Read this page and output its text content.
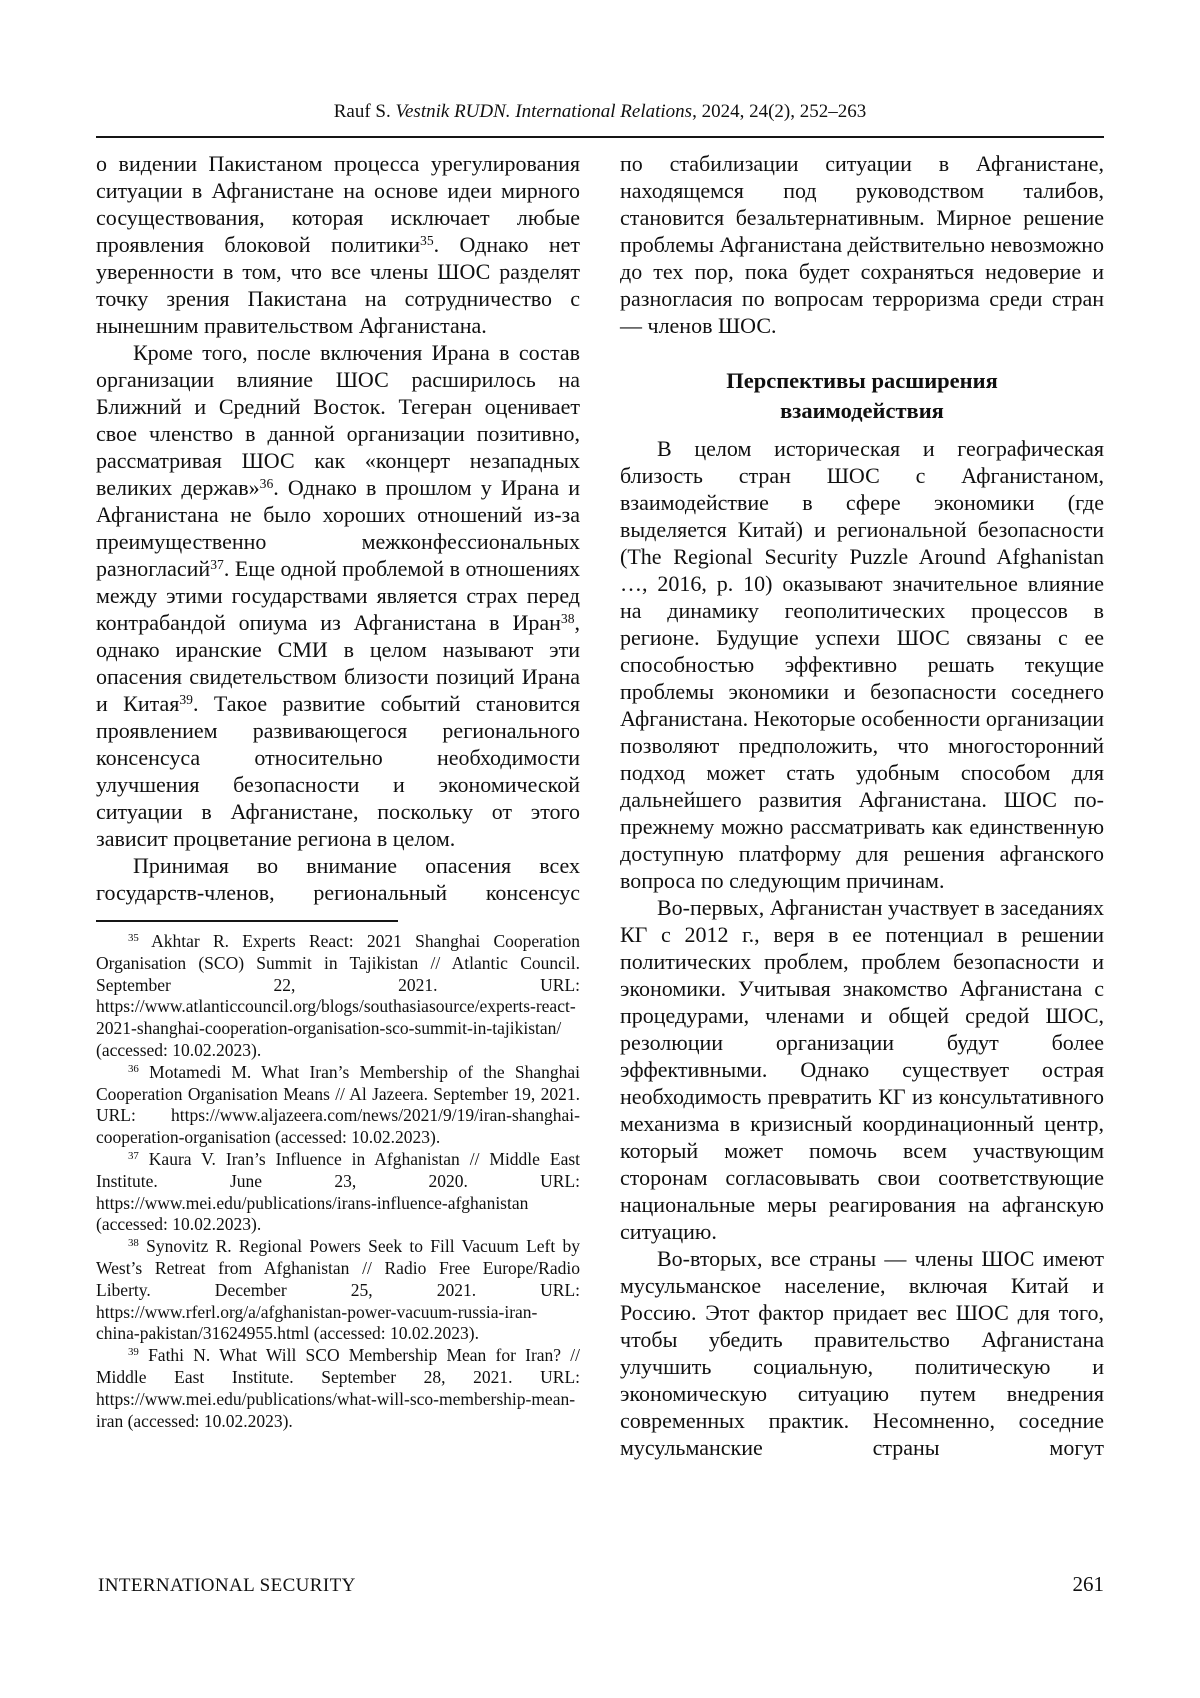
Rauf S. Vestnik RUDN. International Relations, 2024, 24(2), 252–263

о видении Пакистаном процесса урегулирования ситуации в Афганистане на основе идеи мирного сосуществования, которая исключает любые проявления блоковой политики$^{35}$. Однако нет уверенности в том, что все члены ШОС разделят точку зрения Пакистана на сотрудничество с нынешним правительством Афганистана.

Кроме того, после включения Ирана в состав организации влияние ШОС расширилось на Ближний и Средний Восток. Тегеран оценивает свое членство в данной организации позитивно, рассматривая ШОС как «концерт незападных великих держав»$^{36}$. Однако в прошлом у Ирана и Афганистана не было хороших отношений из-за преимущественно межконфессиональных разногласий$^{37}$. Еще одной проблемой в отношениях между этими государствами является страх перед контрабандой опиума из Афганистана в Иран$^{38}$, однако иранские СМИ в целом называют эти опасения свидетельством близости позиций Ирана и Китая$^{39}$. Такое развитие событий становится проявлением развивающегося регионального консенсуса относительно необходимости улучшения безопасности и экономической ситуации в Афганистане, поскольку от этого зависит процветание региона в целом.

Принимая во внимание опасения всех государств-членов, региональный консенсус

$^{35}$ Akhtar R. Experts React: 2021 Shanghai Cooperation Organisation (SCO) Summit in Tajikistan // Atlantic Council. September 22, 2021. URL: https://www.atlanticcouncil.org/blogs/southasiasource/experts-react-2021-shanghai-cooperation-organisation-sco-summit-in-tajikistan/ (accessed: 10.02.2023).

$^{36}$ Motamedi M. What Iran’s Membership of the Shanghai Cooperation Organisation Means // Al Jazeera. September 19, 2021. URL: https://www.aljazeera.com/news/2021/9/19/iran-shanghai-cooperation-organisation (accessed: 10.02.2023).

$^{37}$ Kaura V. Iran’s Influence in Afghanistan // Middle East Institute. June 23, 2020. URL: https://www.mei.edu/publications/irans-influence-afghanistan (accessed: 10.02.2023).

$^{38}$ Synovitz R. Regional Powers Seek to Fill Vacuum Left by West’s Retreat from Afghanistan // Radio Free Europe/Radio Liberty. December 25, 2021. URL: https://www.rferl.org/a/afghanistan-power-vacuum-russia-iran-china-pakistan/31624955.html (accessed: 10.02.2023).

$^{39}$ Fathi N. What Will SCO Membership Mean for Iran? // Middle East Institute. September 28, 2021. URL: https://www.mei.edu/publications/what-will-sco-membership-mean-iran (accessed: 10.02.2023).

по стабилизации ситуации в Афганистане, находящемся под руководством талибов, становится безальтернативным. Мирное решение проблемы Афганистана действительно невозможно до тех пор, пока будет сохраняться недоверие и разногласия по вопросам терроризма среди стран — членов ШОС.

Перспективы расширения взаимодействия

В целом историческая и географическая близость стран ШОС с Афганистаном, взаимодействие в сфере экономики (где выделяется Китай) и региональной безопасности (The Regional Security Puzzle Around Afghanistan …, 2016, p. 10) оказывают значительное влияние на динамику геополитических процессов в регионе. Будущие успехи ШОС связаны с ее способностью эффективно решать текущие проблемы экономики и безопасности соседнего Афганистана. Некоторые особенности организации позволяют предположить, что многосторонний подход может стать удобным способом для дальнейшего развития Афганистана. ШОС по-прежнему можно рассматривать как единственную доступную платформу для решения афганского вопроса по следующим причинам.

Во-первых, Афганистан участвует в заседаниях КГ с 2012 г., веря в ее потенциал в решении политических проблем, проблем безопасности и экономики. Учитывая знакомство Афганистана с процедурами, членами и общей средой ШОС, резолюции организации будут более эффективными. Однако существует острая необходимость превратить КГ из консультативного механизма в кризисный координационный центр, который может помочь всем участвующим сторонам согласовывать свои соответствующие национальные меры реагирования на афганскую ситуацию.

Во-вторых, все страны — члены ШОС имеют мусульманское население, включая Китай и Россию. Этот фактор придает вес ШОС для того, чтобы убедить правительство Афганистана улучшить социальную, политическую и экономическую ситуацию путем внедрения современных практик. Несомненно, соседние мусульманские страны могут

INTERNATIONAL SECURITY	261
